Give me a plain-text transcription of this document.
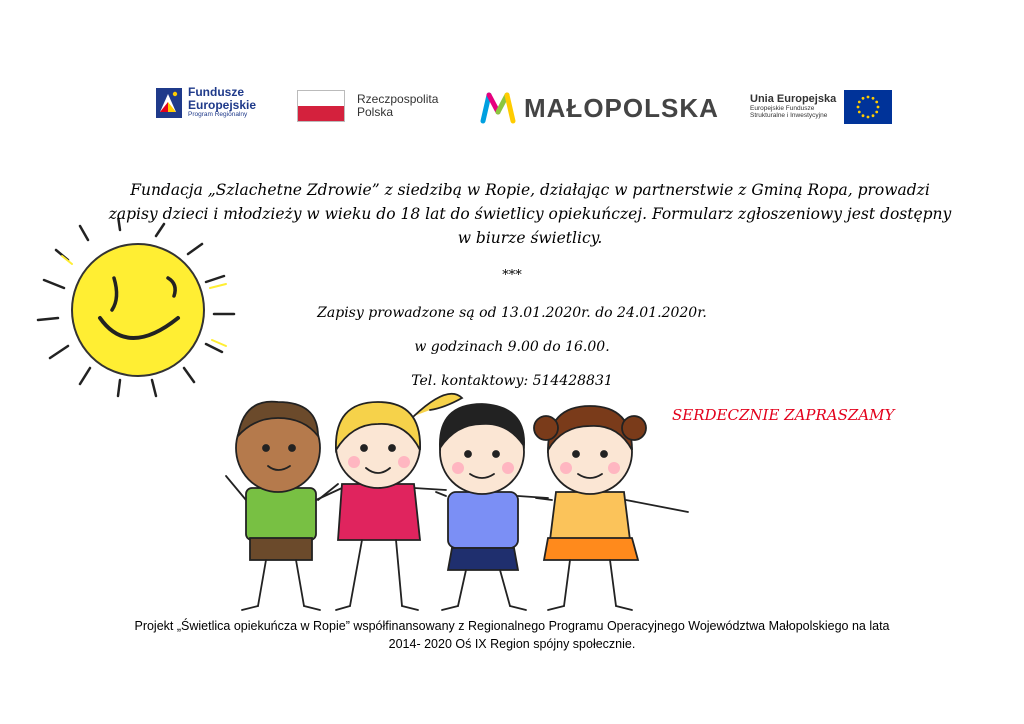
Fundusze
Europejskie
Program Regionalny
Rzeczpospolita
Polska	MAŁOPOLSKA	Unia Europejska
Europejskie Fundusze
Strukturalne i Inwestycyjne
Fundacja „Szlachetne Zdrowie” z siedzibą w Ropie, działając w partnerstwie z Gminą Ropa, prowadzi
zapisy dzieci i młodzieży w wieku do 18 lat do świetlicy opiekuńczej. Formularz zgłoszeniowy jest dostępny
w biurze świetlicy.
***
Zapisy prowadzone są od 13.01.2020r. do 24.01.2020r.
w godzinach 9.00 do 16.00.
Tel. kontaktowy: 514428831
SERDECZNIE ZAPRASZAMY
Projekt „Świetlica opiekuńcza w Ropie” współfinansowany z Regionalnego Programu Operacyjnego Województwa Małopolskiego na lata
2014- 2020 Oś IX Region spójny społecznie.
